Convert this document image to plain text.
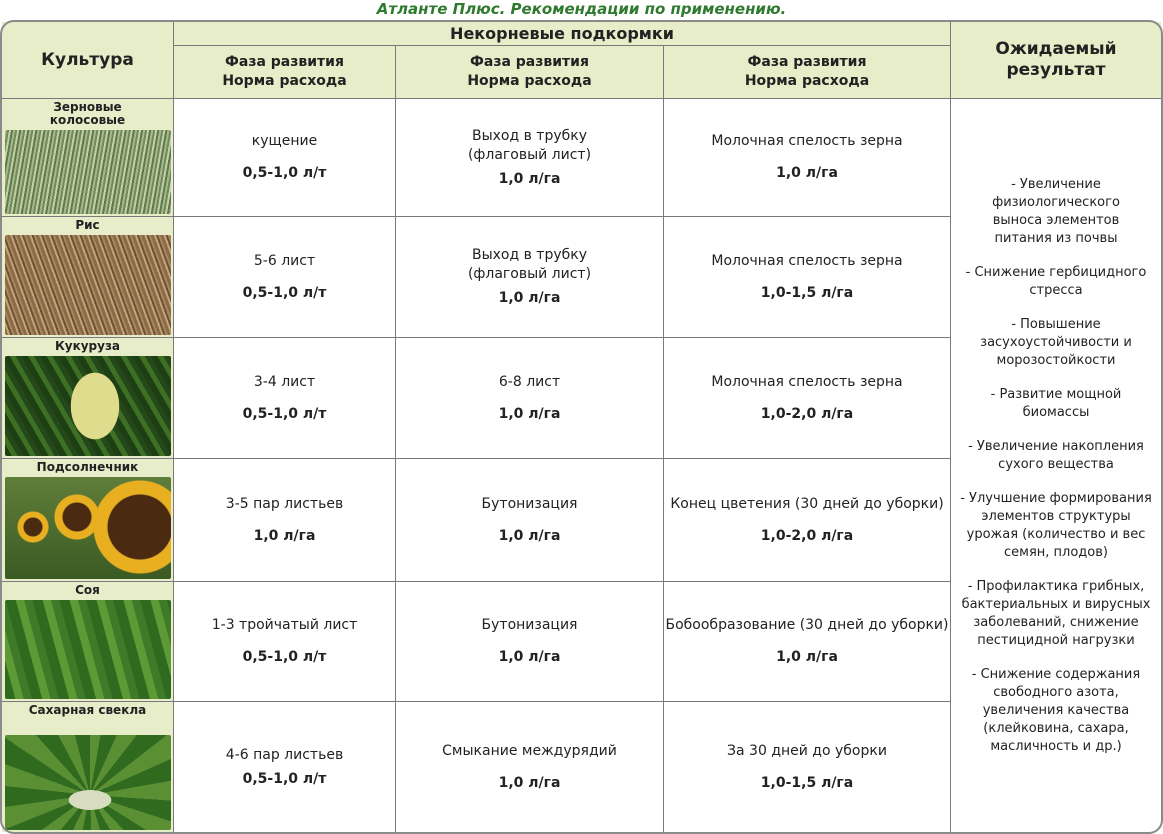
Атланте Плюс. Рекомендации по применению.
Культура
Некорневые подкормки
Фаза развития
Норма расхода
Фаза развития
Норма расхода
Фаза развития
Норма расхода
Ожидаемый
результат
Зерновые колосовые
кущение
0,5-1,0 л/т
Выход в трубку
(флаговый лист)
1,0 л/га
Молочная спелость зерна
1,0 л/га
Рис
5-6 лист
0,5-1,0 л/т
Выход в трубку
(флаговый лист)
1,0 л/га
Молочная спелость зерна
1,0-1,5 л/га
Кукуруза
3-4 лист
0,5-1,0 л/т
6-8 лист
1,0 л/га
Молочная спелость зерна
1,0-2,0 л/га
Подсолнечник
3-5 пар листьев
1,0 л/га
Бутонизация
1,0 л/га
Конец цветения (30 дней до уборки)
1,0-2,0 л/га
Соя
1-3 тройчатый лист
0,5-1,0 л/т
Бутонизация
1,0 л/га
Бобообразование (30 дней до уборки)
1,0 л/га
Сахарная свекла
4-6 пар листьев
0,5-1,0 л/т
Смыкание междурядий
1,0 л/га
За 30 дней до уборки
1,0-1,5 л/га
- Увеличение физиологического выноса элементов питания из почвы
- Снижение гербицидного стресса
- Повышение засухоустойчивости и морозостойкости
- Развитие мощной биомассы
- Увеличение накопления сухого вещества
- Улучшение формирования элементов структуры урожая (количество и вес семян, плодов)
- Профилактика грибных, бактериальных и вирусных заболеваний, снижение пестицидной нагрузки
- Снижение содержания свободного азота, увеличения качества (клейковина, сахара, масличность и др.)
